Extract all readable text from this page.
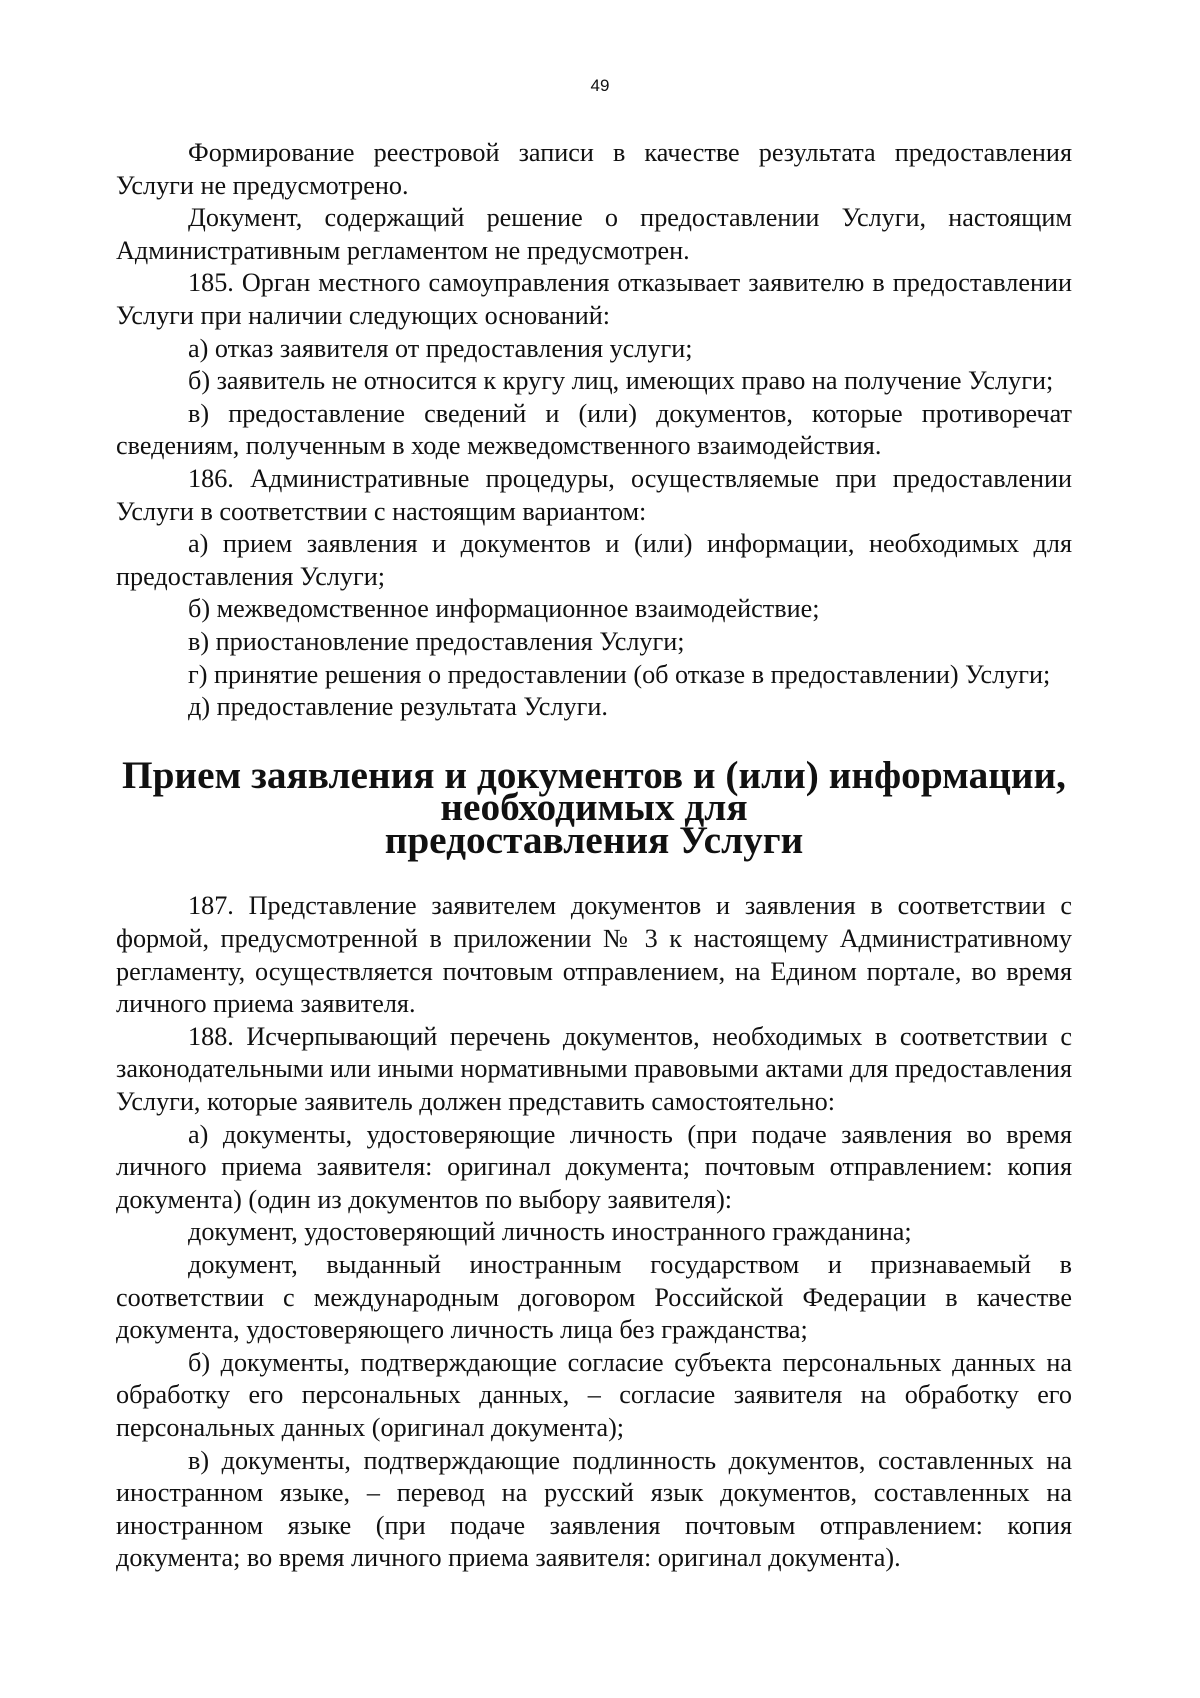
49

Формирование реестровой записи в качестве результата предоставления Услуги не предусмотрено.

Документ, содержащий решение о предоставлении Услуги, настоящим Административным регламентом не предусмотрен.

185. Орган местного самоуправления отказывает заявителю в предоставлении Услуги при наличии следующих оснований:

а) отказ заявителя от предоставления услуги;

б) заявитель не относится к кругу лиц, имеющих право на получение Услуги;

в) предоставление сведений и (или) документов, которые противоречат сведениям, полученным в ходе межведомственного взаимодействия.

186. Административные процедуры, осуществляемые при предоставлении Услуги в соответствии с настоящим вариантом:

а) прием заявления и документов и (или) информации, необходимых для предоставления Услуги;

б) межведомственное информационное взаимодействие;

в) приостановление предоставления Услуги;

г) принятие решения о предоставлении (об отказе в предоставлении) Услуги;

д) предоставление результата Услуги.

Прием заявления и документов и (или) информации, необходимых для
предоставления Услуги

187. Представление заявителем документов и заявления в соответствии с формой, предусмотренной в приложении № 3 к настоящему Административному регламенту, осуществляется почтовым отправлением, на Едином портале, во время личного приема заявителя.

188. Исчерпывающий перечень документов, необходимых в соответствии с законодательными или иными нормативными правовыми актами для предоставления Услуги, которые заявитель должен представить самостоятельно:

а) документы, удостоверяющие личность (при подаче заявления во время личного приема заявителя: оригинал документа; почтовым отправлением: копия документа) (один из документов по выбору заявителя):

документ, удостоверяющий личность иностранного гражданина;

документ, выданный иностранным государством и признаваемый в соответствии с международным договором Российской Федерации в качестве документа, удостоверяющего личность лица без гражданства;

б) документы, подтверждающие согласие субъекта персональных данных на обработку его персональных данных, – согласие заявителя на обработку его персональных данных (оригинал документа);

в) документы, подтверждающие подлинность документов, составленных на иностранном языке, – перевод на русский язык документов, составленных на иностранном языке (при подаче заявления почтовым отправлением: копия документа; во время личного приема заявителя: оригинал документа).
